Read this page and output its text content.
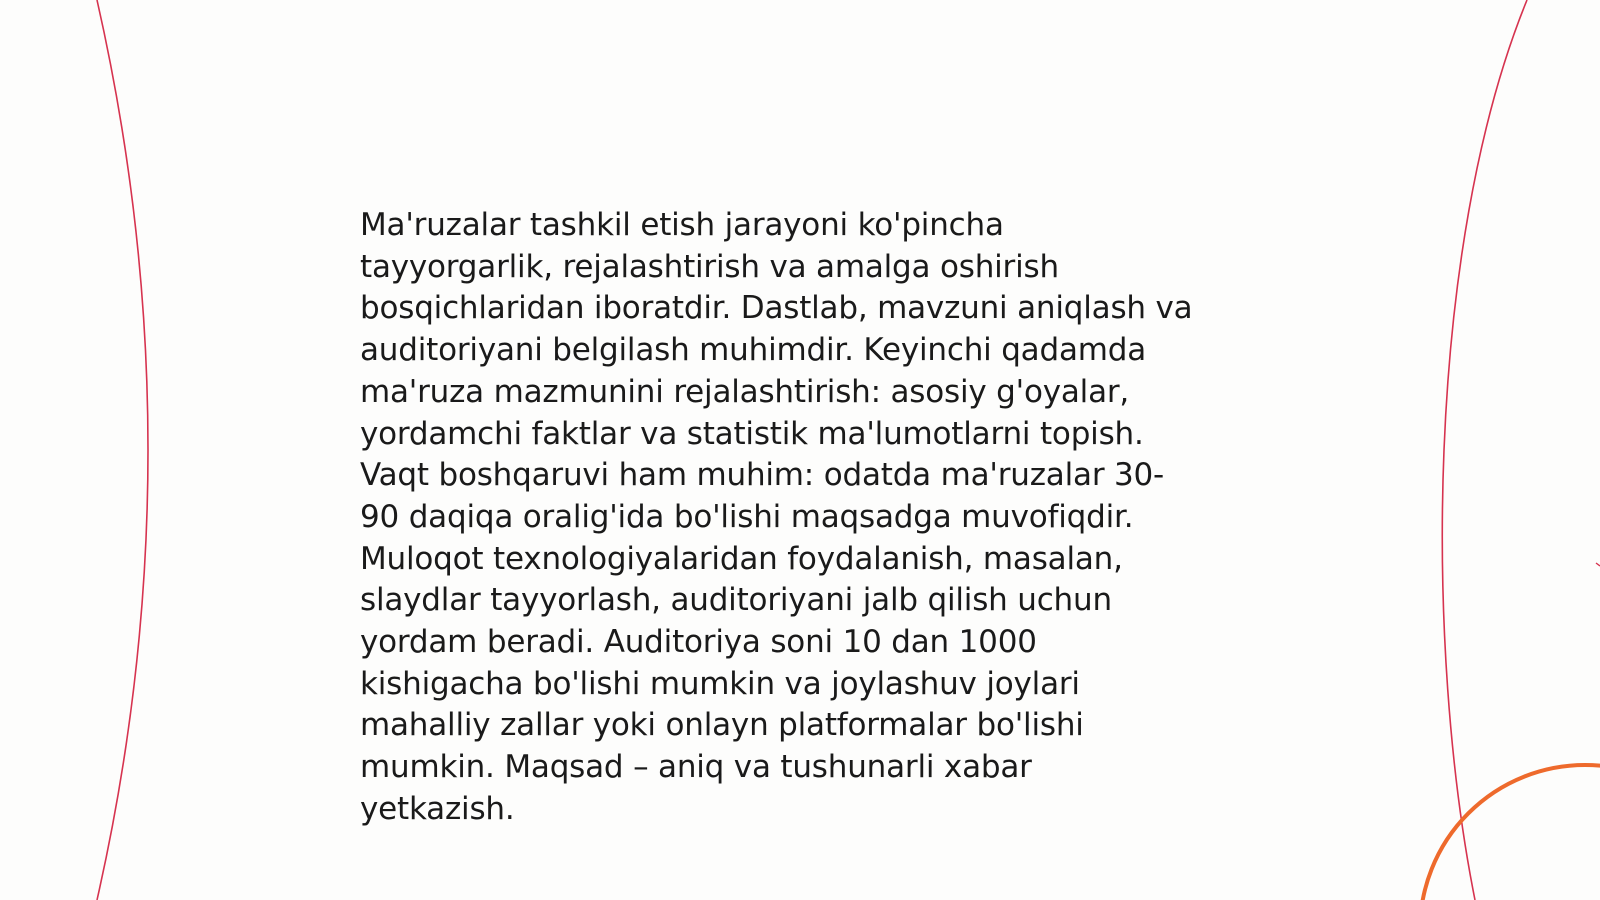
Ma'ruzalar tashkil etish jarayoni ko'pincha
tayyorgarlik, rejalashtirish va amalga oshirish
bosqichlaridan iboratdir. Dastlab, mavzuni aniqlash va
auditoriyani belgilash muhimdir. Keyinchi qadamda
ma'ruza mazmunini rejalashtirish: asosiy g'oyalar,
yordamchi faktlar va statistik ma'lumotlarni topish.
Vaqt boshqaruvi ham muhim: odatda ma'ruzalar 30-
90 daqiqa oralig'ida bo'lishi maqsadga muvofiqdir.
Muloqot texnologiyalaridan foydalanish, masalan,
slaydlar tayyorlash, auditoriyani jalb qilish uchun
yordam beradi. Auditoriya soni 10 dan 1000
kishigacha bo'lishi mumkin va joylashuv joylari
mahalliy zallar yoki onlayn platformalar bo'lishi
mumkin. Maqsad – aniq va tushunarli xabar
yetkazish.
